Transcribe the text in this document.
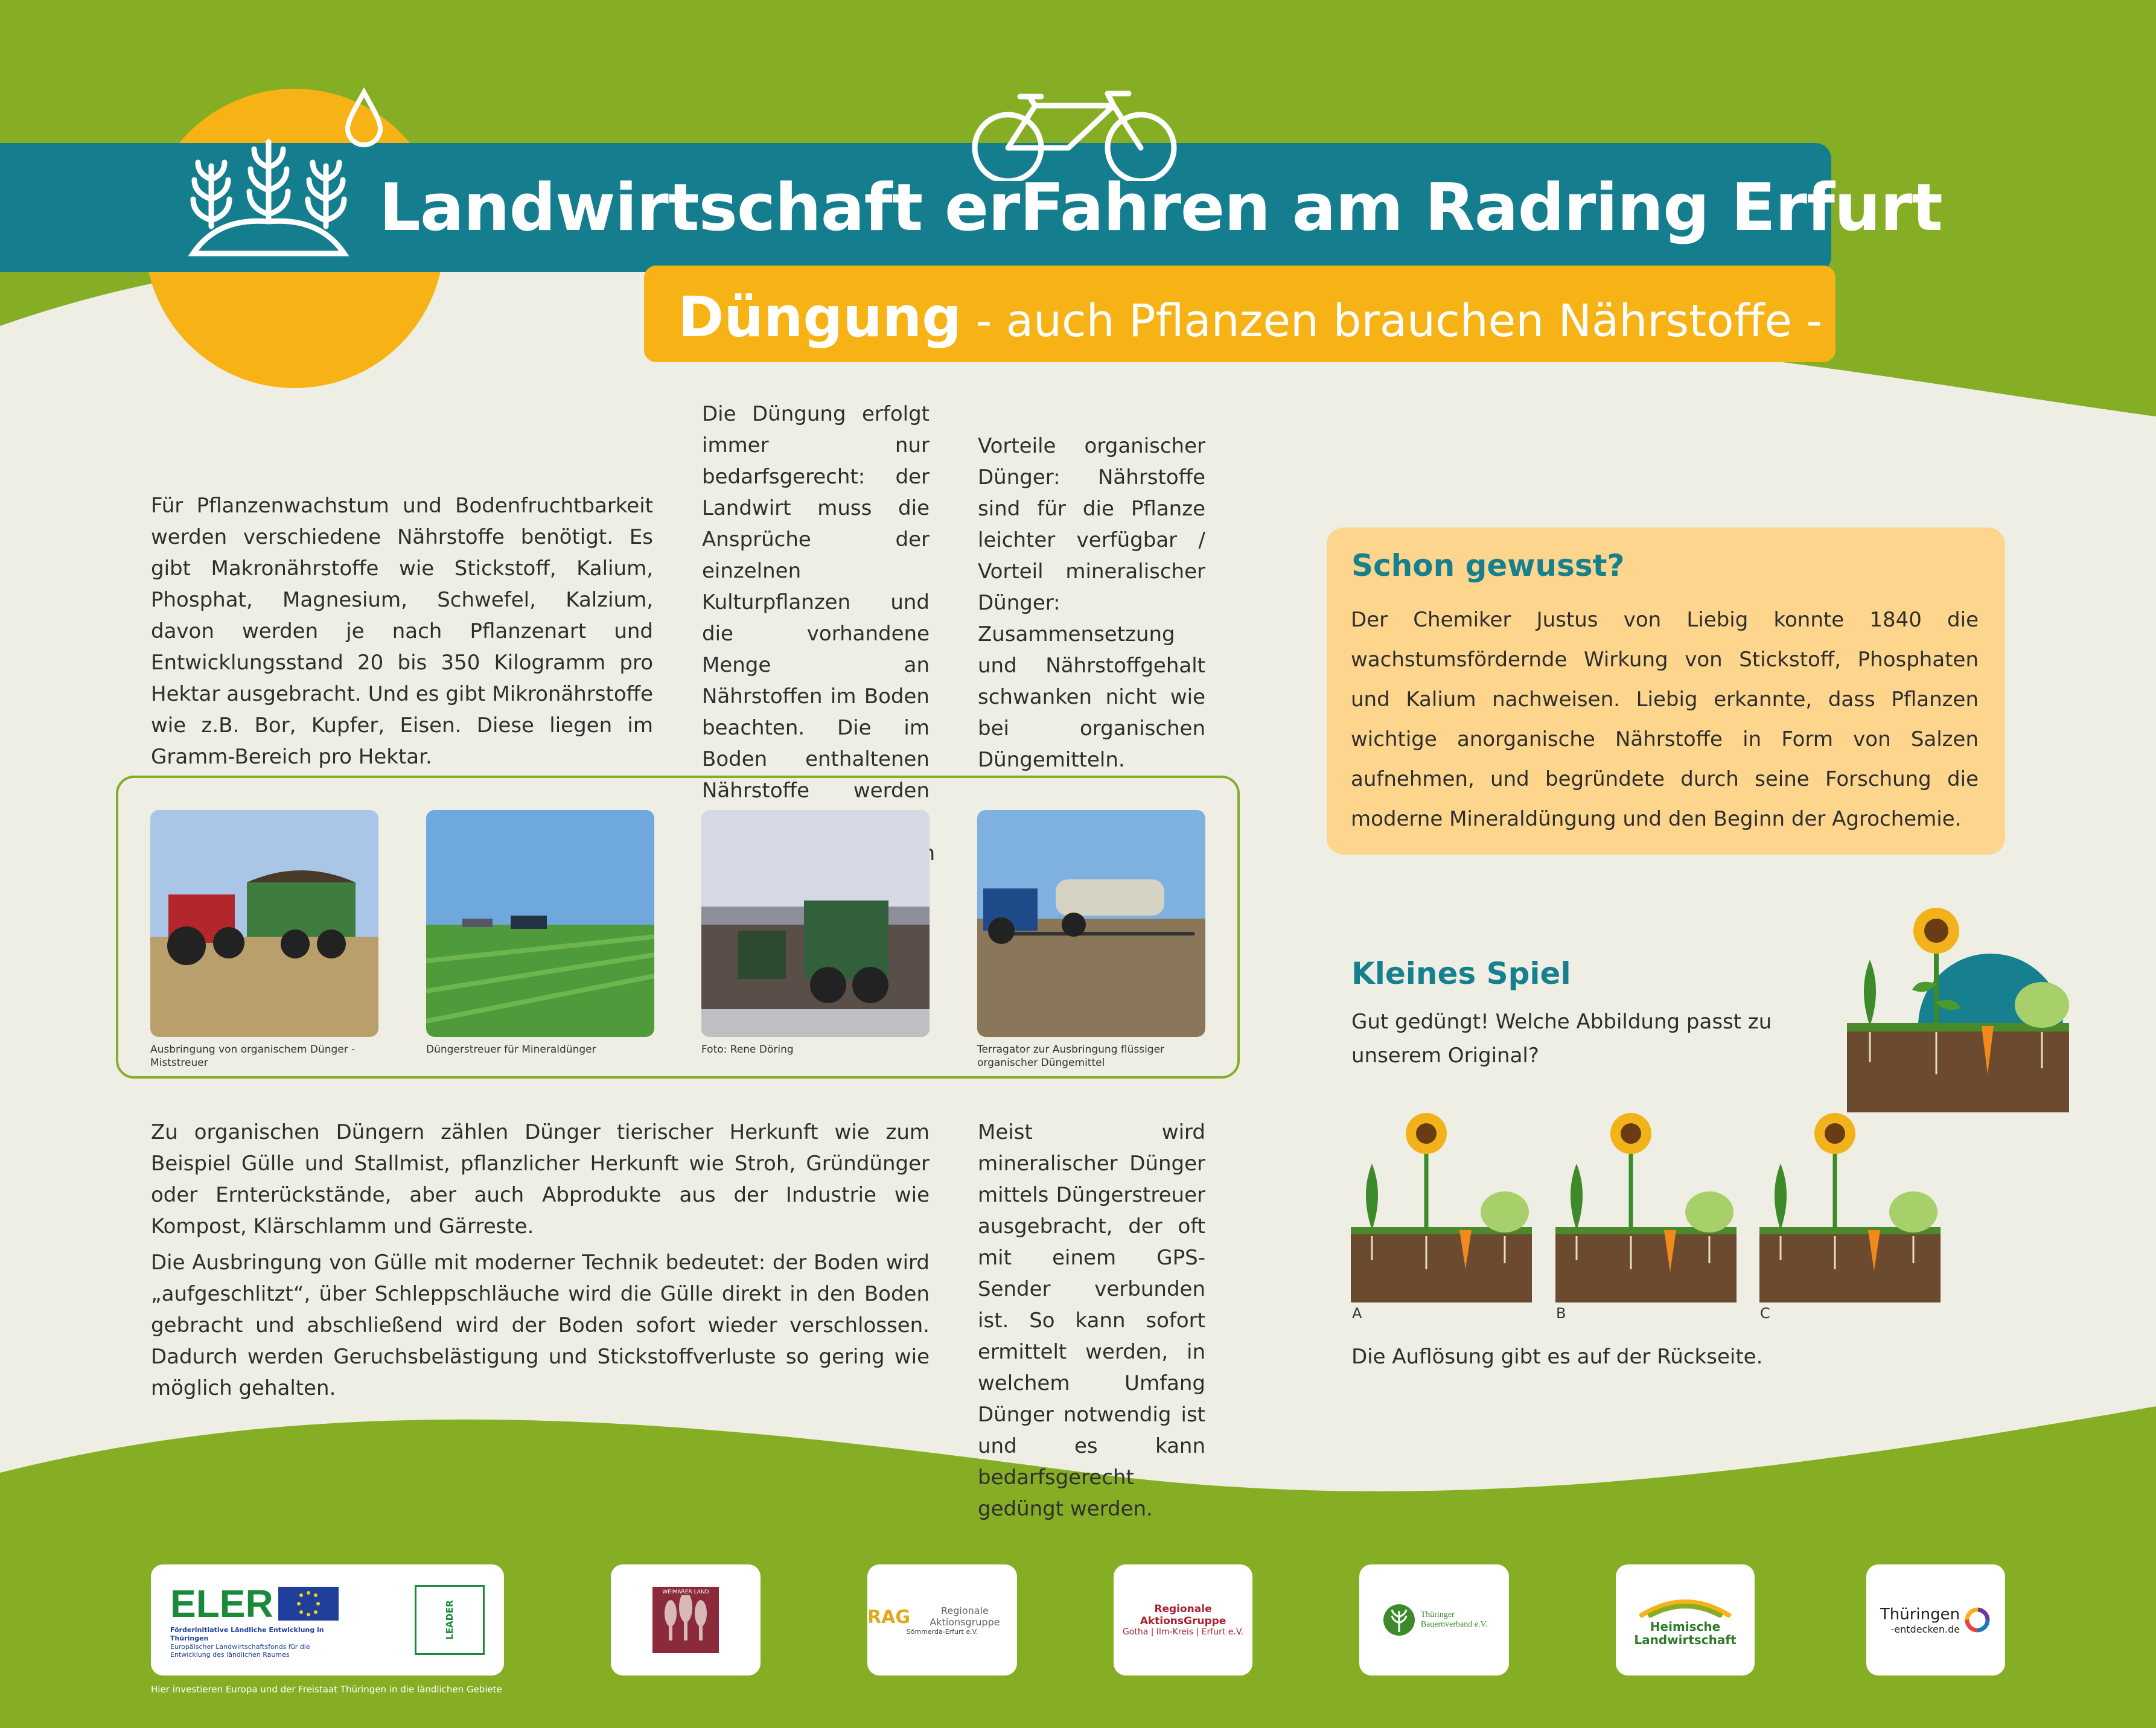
Landwirtschaft erFahren am Radring Erfurt
Düngung - auch Pflanzen brauchen Nährstoffe -
Für Pflanzenwachstum und Bodenfruchtbarkeit werden verschiedene Nährstoffe benötigt. Es gibt Makronährstoffe wie Stickstoff, Kalium, Phosphat, Magnesium, Schwefel, Kalzium, davon werden je nach Pflanzenart und Entwicklungsstand 20 bis 350 Kilogramm pro Hektar ausgebracht. Und es gibt Mikronährstoffe wie z.B. Bor, Kupfer, Eisen. Diese liegen im Gramm-Bereich pro Hektar.
Die Düngung erfolgt immer nur bedarfsgerecht: der Landwirt muss die Ansprüche der einzelnen Kulturpflanzen und die vorhandene Menge an Nährstoffen im Boden beachten. Die im Boden enthaltenen Nährstoffe werden
Vorteile organischer Dünger: Nährstoffe sind für die Pflanze leichter verfügbar / Vorteil mineralischer Dünger: Zusammensetzung und Nährstoffgehalt schwanken nicht wie bei organischen Düngemitteln.
Ausbringung von organischem Dünger - Miststreuer
Düngerstreuer für Mineraldünger	Foto: Rene Döring	Terragator zur Ausbringung flüssiger organischer Düngemittel
Zu organischen Düngern zählen Dünger tierischer Herkunft wie zum Beispiel Gülle und Stallmist, pflanzlicher Herkunft wie Stroh, Gründünger oder Ernterückstände, aber auch Abprodukte aus der Industrie wie Kompost, Klärschlamm und Gärreste.
Die Ausbringung von Gülle mit moderner Technik bedeutet: der Boden wird „aufgeschlitzt“, über Schleppschläuche wird die Gülle direkt in den Boden gebracht und abschließend wird der Boden sofort wieder verschlossen. Dadurch werden Geruchsbelästigung und Stickstoffverluste so gering wie möglich gehalten.
Meist wird mineralischer Dünger mittels Düngerstreuer ausgebracht, der oft mit einem GPS-Sender verbunden ist. So kann sofort ermittelt werden, in welchem Umfang Dünger notwendig ist und es kann bedarfsgerecht gedüngt werden.
Schon gewusst?
Der Chemiker Justus von Liebig konnte 1840 die wachstumsfördernde Wirkung von Stickstoff, Phosphaten und Kalium nachweisen. Liebig erkannte, dass Pflanzen wichtige anorganische Nährstoffe in Form von Salzen aufnehmen, und begründete durch seine Forschung die moderne Mineraldüngung und den Beginn der Agrochemie.
Kleines Spiel
Gut gedüngt! Welche Abbildung passt zu unserem Original?
A	B	C
Die Auflösung gibt es auf der Rückseite.
ELER
Förderinitiative Ländliche Entwicklung in Thüringen
Europäischer Landwirtschaftsfonds für die Entwicklung des ländlichen Raumes
LEADER
WEIMARER LAND
RAG	Regionale Aktionsgruppe
Sömmerda-Erfurt e.V.
Regionale AktionsGruppe
Gotha | Ilm-Kreis | Erfurt e.V.
Thüringer
Bauernverband e.V.	Heimische
Landwirtschaft
Thüringen
-entdecken.de
Hier investieren Europa und der Freistaat Thüringen in die ländlichen Gebiete
